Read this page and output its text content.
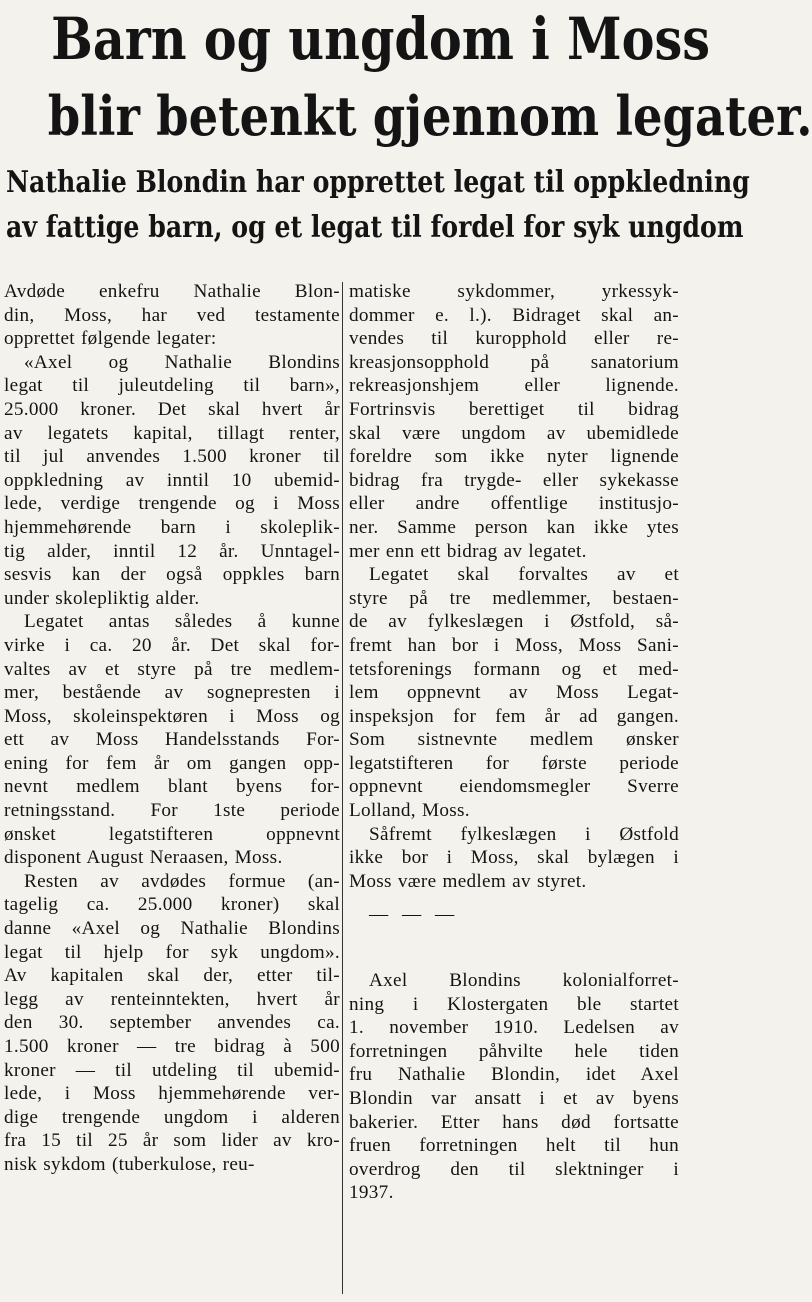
Barn og ungdom i Moss
blir betenkt gjennom legater.
Nathalie Blondin har opprettet legat til oppkledning
av fattige barn, og et legat til fordel for syk ungdom
Avdøde enkefru Nathalie Blon-
din, Moss, har ved testamente
opprettet følgende legater:
«Axel og Nathalie Blondins
legat til juleutdeling til barn»,
25.000 kroner. Det skal hvert år
av legatets kapital, tillagt renter,
til jul anvendes 1.500 kroner til
oppkledning av inntil 10 ubemid-
lede, verdige trengende og i Moss
hjemmehørende barn i skoleplik-
tig alder, inntil 12 år. Unntagel-
sesvis kan der også oppkles barn
under skolepliktig alder.
Legatet antas således å kunne
virke i ca. 20 år. Det skal for-
valtes av et styre på tre medlem-
mer, bestående av sognepresten i
Moss, skoleinspektøren i Moss og
ett av Moss Handelsstands For-
ening for fem år om gangen opp-
nevnt medlem blant byens for-
retningsstand. For 1ste periode
ønsket legatstifteren oppnevnt
disponent August Neraasen, Moss.
Resten av avdødes formue (an-
tagelig ca. 25.000 kroner) skal
danne «Axel og Nathalie Blondins
legat til hjelp for syk ungdom».
Av kapitalen skal der, etter til-
legg av renteinntekten, hvert år
den 30. september anvendes ca.
1.500 kroner — tre bidrag à 500
kroner — til utdeling til ubemid-
lede, i Moss hjemmehørende ver-
dige trengende ungdom i alderen
fra 15 til 25 år som lider av kro-
nisk sykdom (tuberkulose, reu-
matiske sykdommer, yrkessyk-
dommer e. l.). Bidraget skal an-
vendes til kuropphold eller re-
kreasjonsopphold på sanatorium
rekreasjonshjem eller lignende.
Fortrinsvis berettiget til bidrag
skal være ungdom av ubemidlede
foreldre som ikke nyter lignende
bidrag fra trygde- eller sykekasse
eller andre offentlige institusjo-
ner. Samme person kan ikke ytes
mer enn ett bidrag av legatet.
Legatet skal forvaltes av et
styre på tre medlemmer, bestaen-
de av fylkeslægen i Østfold, så-
fremt han bor i Moss, Moss Sani-
tetsforenings formann og et med-
lem oppnevnt av Moss Legat-
inspeksjon for fem år ad gangen.
Som sistnevnte medlem ønsker
legatstifteren for første periode
oppnevnt eiendomsmegler Sverre
Lolland, Moss.
Såfremt fylkeslægen i Østfold
ikke bor i Moss, skal bylægen i
Moss være medlem av styret.
— — —
Axel Blondins kolonialforret-
ning i Klostergaten ble startet
1. november 1910. Ledelsen av
forretningen påhvilte hele tiden
fru Nathalie Blondin, idet Axel
Blondin var ansatt i et av byens
bakerier. Etter hans død fortsatte
fruen forretningen helt til hun
overdrog den til slektninger i
1937.
